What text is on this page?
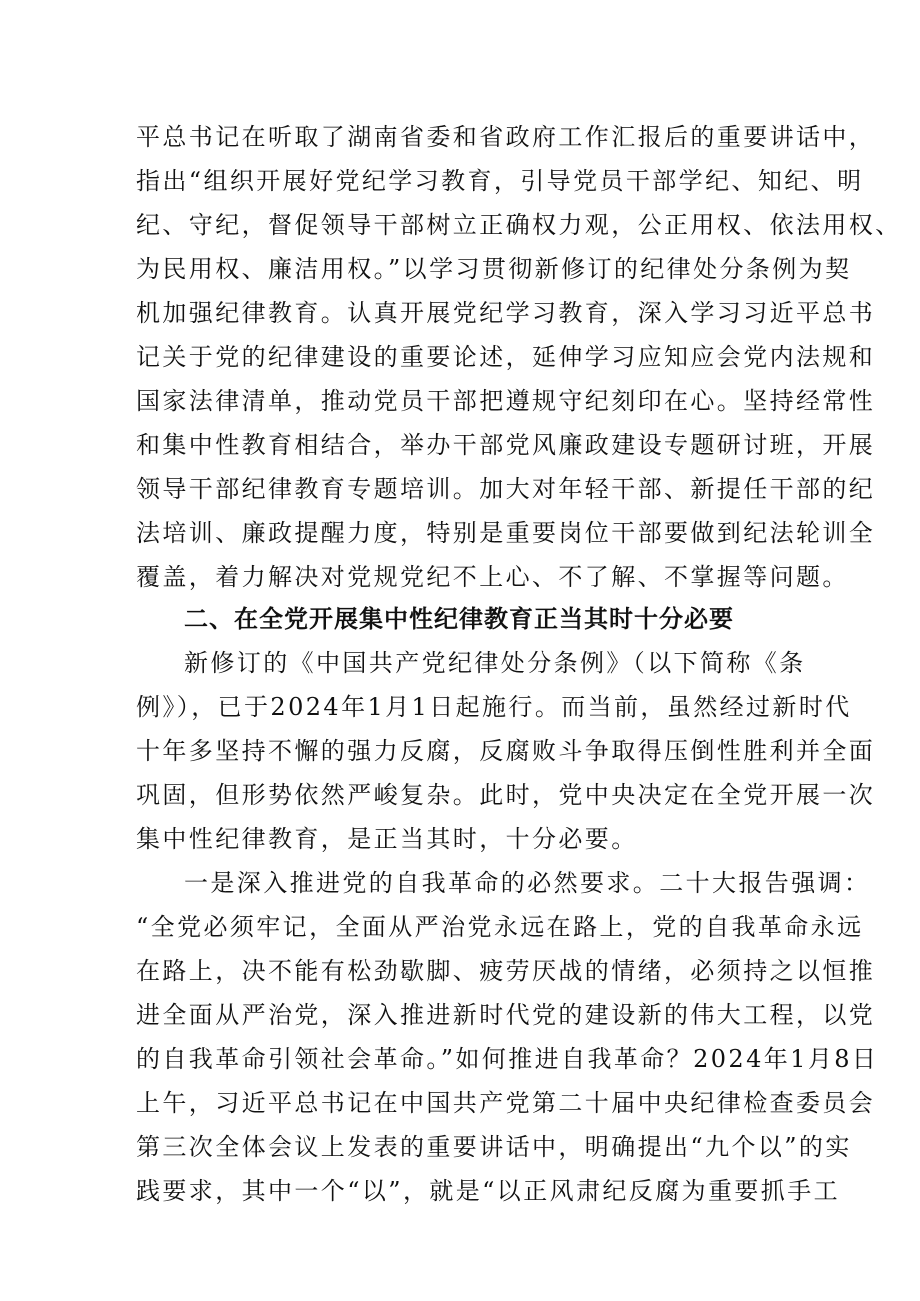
平总书记在听取了湖南省委和省政府工作汇报后的重要讲话中，
指出“组织开展好党纪学习教育，引导党员干部学纪、知纪、明
纪、守纪，督促领导干部树立正确权力观，公正用权、依法用权、
为民用权、廉洁用权。”以学习贯彻新修订的纪律处分条例为契
机加强纪律教育。认真开展党纪学习教育，深入学习习近平总书
记关于党的纪律建设的重要论述，延伸学习应知应会党内法规和
国家法律清单，推动党员干部把遵规守纪刻印在心。坚持经常性
和集中性教育相结合，举办干部党风廉政建设专题研讨班，开展
领导干部纪律教育专题培训。加大对年轻干部、新提任干部的纪
法培训、廉政提醒力度，特别是重要岗位干部要做到纪法轮训全
覆盖，着力解决对党规党纪不上心、不了解、不掌握等问题。
二、在全党开展集中性纪律教育正当其时十分必要
新修订的《中国共产党纪律处分条例》（以下简称《条
例》），已于2024年1月1日起施行。而当前，虽然经过新时代
十年多坚持不懈的强力反腐，反腐败斗争取得压倒性胜利并全面
巩固，但形势依然严峻复杂。此时，党中央决定在全党开展一次
集中性纪律教育，是正当其时，十分必要。
一是深入推进党的自我革命的必然要求。二十大报告强调：
“全党必须牢记，全面从严治党永远在路上，党的自我革命永远
在路上，决不能有松劲歇脚、疲劳厌战的情绪，必须持之以恒推
进全面从严治党，深入推进新时代党的建设新的伟大工程，以党
的自我革命引领社会革命。”如何推进自我革命？2024年1月8日
上午，习近平总书记在中国共产党第二十届中央纪律检查委员会
第三次全体会议上发表的重要讲话中，明确提出“九个以”的实
践要求，其中一个“以”，就是“以正风肃纪反腐为重要抓手工
